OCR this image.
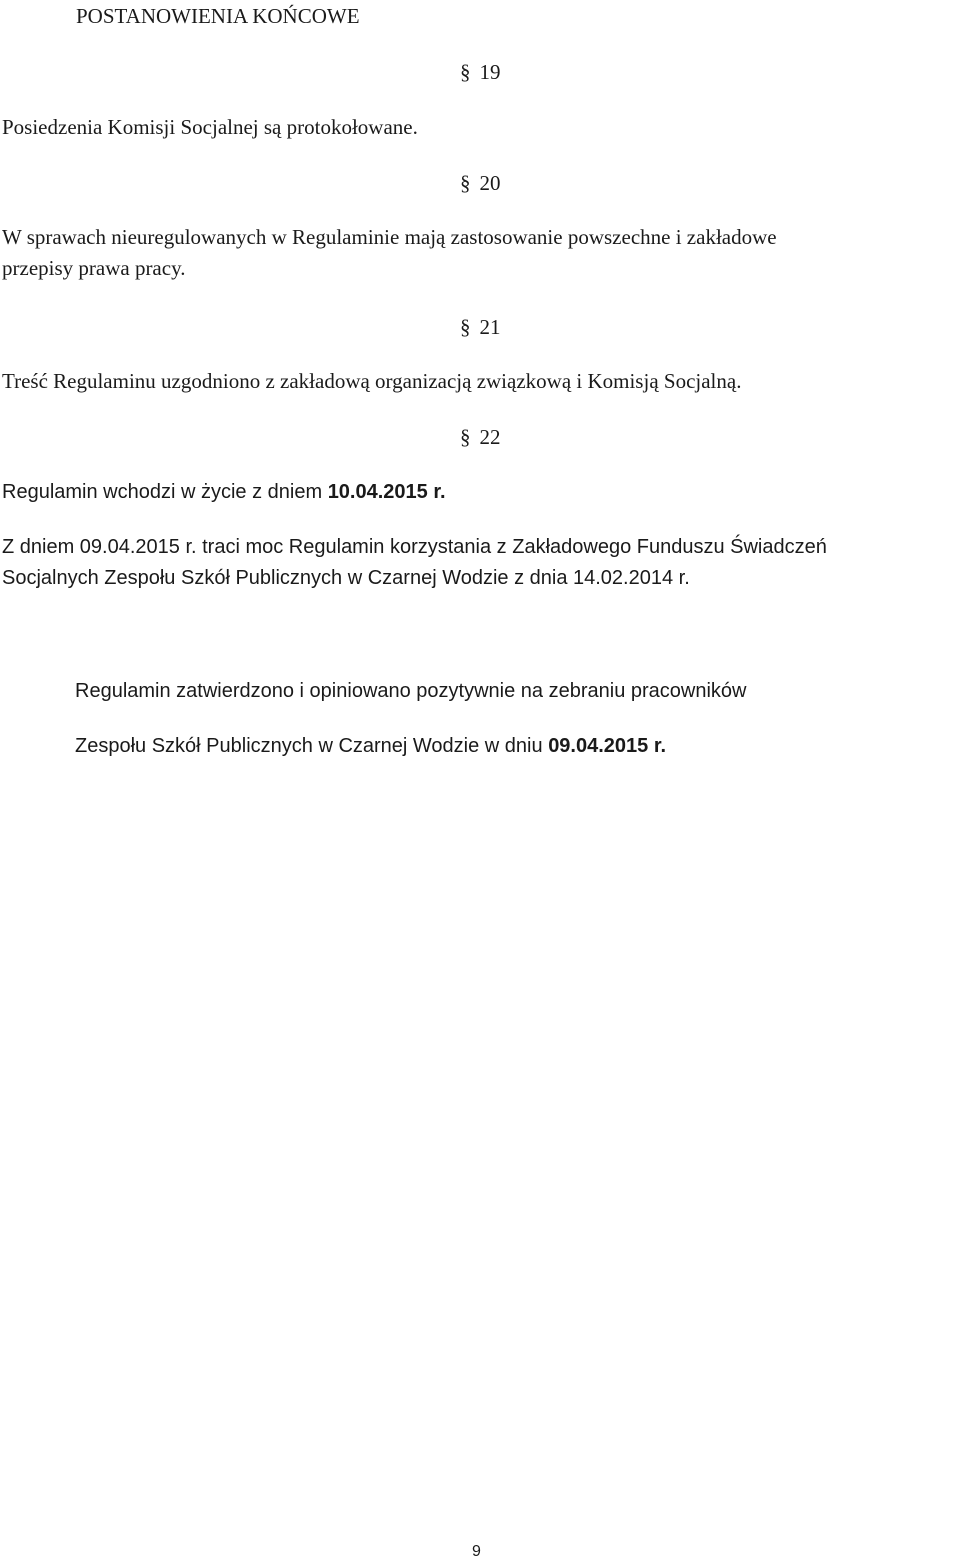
POSTANOWIENIA KOŃCOWE
§ 19
Posiedzenia Komisji Socjalnej są protokołowane.
§ 20
W sprawach nieuregulowanych w Regulaminie mają zastosowanie powszechne i zakładowe
przepisy prawa pracy.
§ 21
Treść Regulaminu uzgodniono z zakładową organizacją związkową i Komisją Socjalną.
§ 22
Regulamin wchodzi w życie z dniem 10.04.2015 r.
Z dniem 09.04.2015 r. traci moc Regulamin korzystania z Zakładowego Funduszu Świadczeń
Socjalnych Zespołu Szkół Publicznych w Czarnej Wodzie z dnia 14.02.2014 r.
Regulamin zatwierdzono i opiniowano pozytywnie na zebraniu pracowników
Zespołu Szkół Publicznych w Czarnej Wodzie w dniu 09.04.2015 r.
9
